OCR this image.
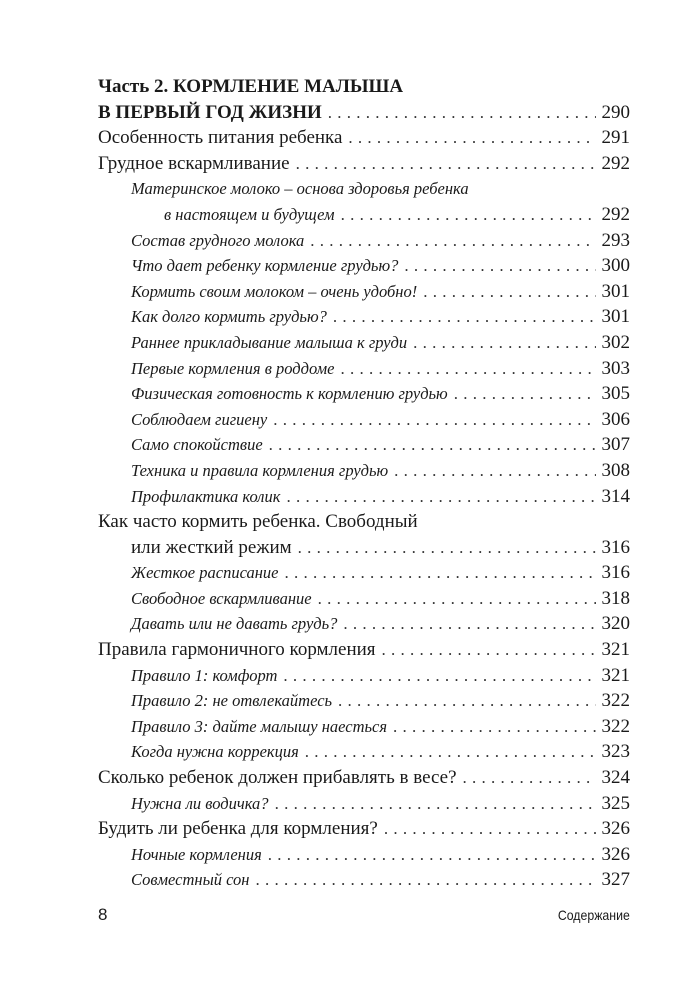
Часть 2. КОРМЛЕНИЕ МАЛЫША
В ПЕРВЫЙ ГОД ЖИЗНИ . . .	290
Особенность питания ребенка . . .	291
Грудное вскармливание . . .	292
Материнское молоко – основа здоровья ребенка
в настоящем и будущем . . .	292
Состав грудного молока . . .	293
Что дает ребенку кормление грудью? . . .	300
Кормить своим молоком – очень удобно! . . .	301
Как долго кормить грудью? . . .	301
Раннее прикладывание малыша к груди . . .	302
Первые кормления в роддоме . . .	303
Физическая готовность к кормлению грудью . . .	305
Соблюдаем гигиену . . .	306
Само спокойствие . . .	307
Техника и правила кормления грудью . . .	308
Профилактика колик . . .	314
Как часто кормить ребенка. Свободный
или жесткий режим . . .	316
Жесткое расписание . . .	316
Свободное вскармливание . . .	318
Давать или не давать грудь? . . .	320
Правила гармоничного кормления . . .	321
Правило 1: комфорт . . .	321
Правило 2: не отвлекайтесь . . .	322
Правило 3: дайте малышу наесться . . .	322
Когда нужна коррекция . . .	323
Сколько ребенок должен прибавлять в весе? . . .	324
Нужна ли водичка? . . .	325
Будить ли ребенка для кормления? . . .	326
Ночные кормления . . .	326
Совместный сон . . .	327
8	Содержание
